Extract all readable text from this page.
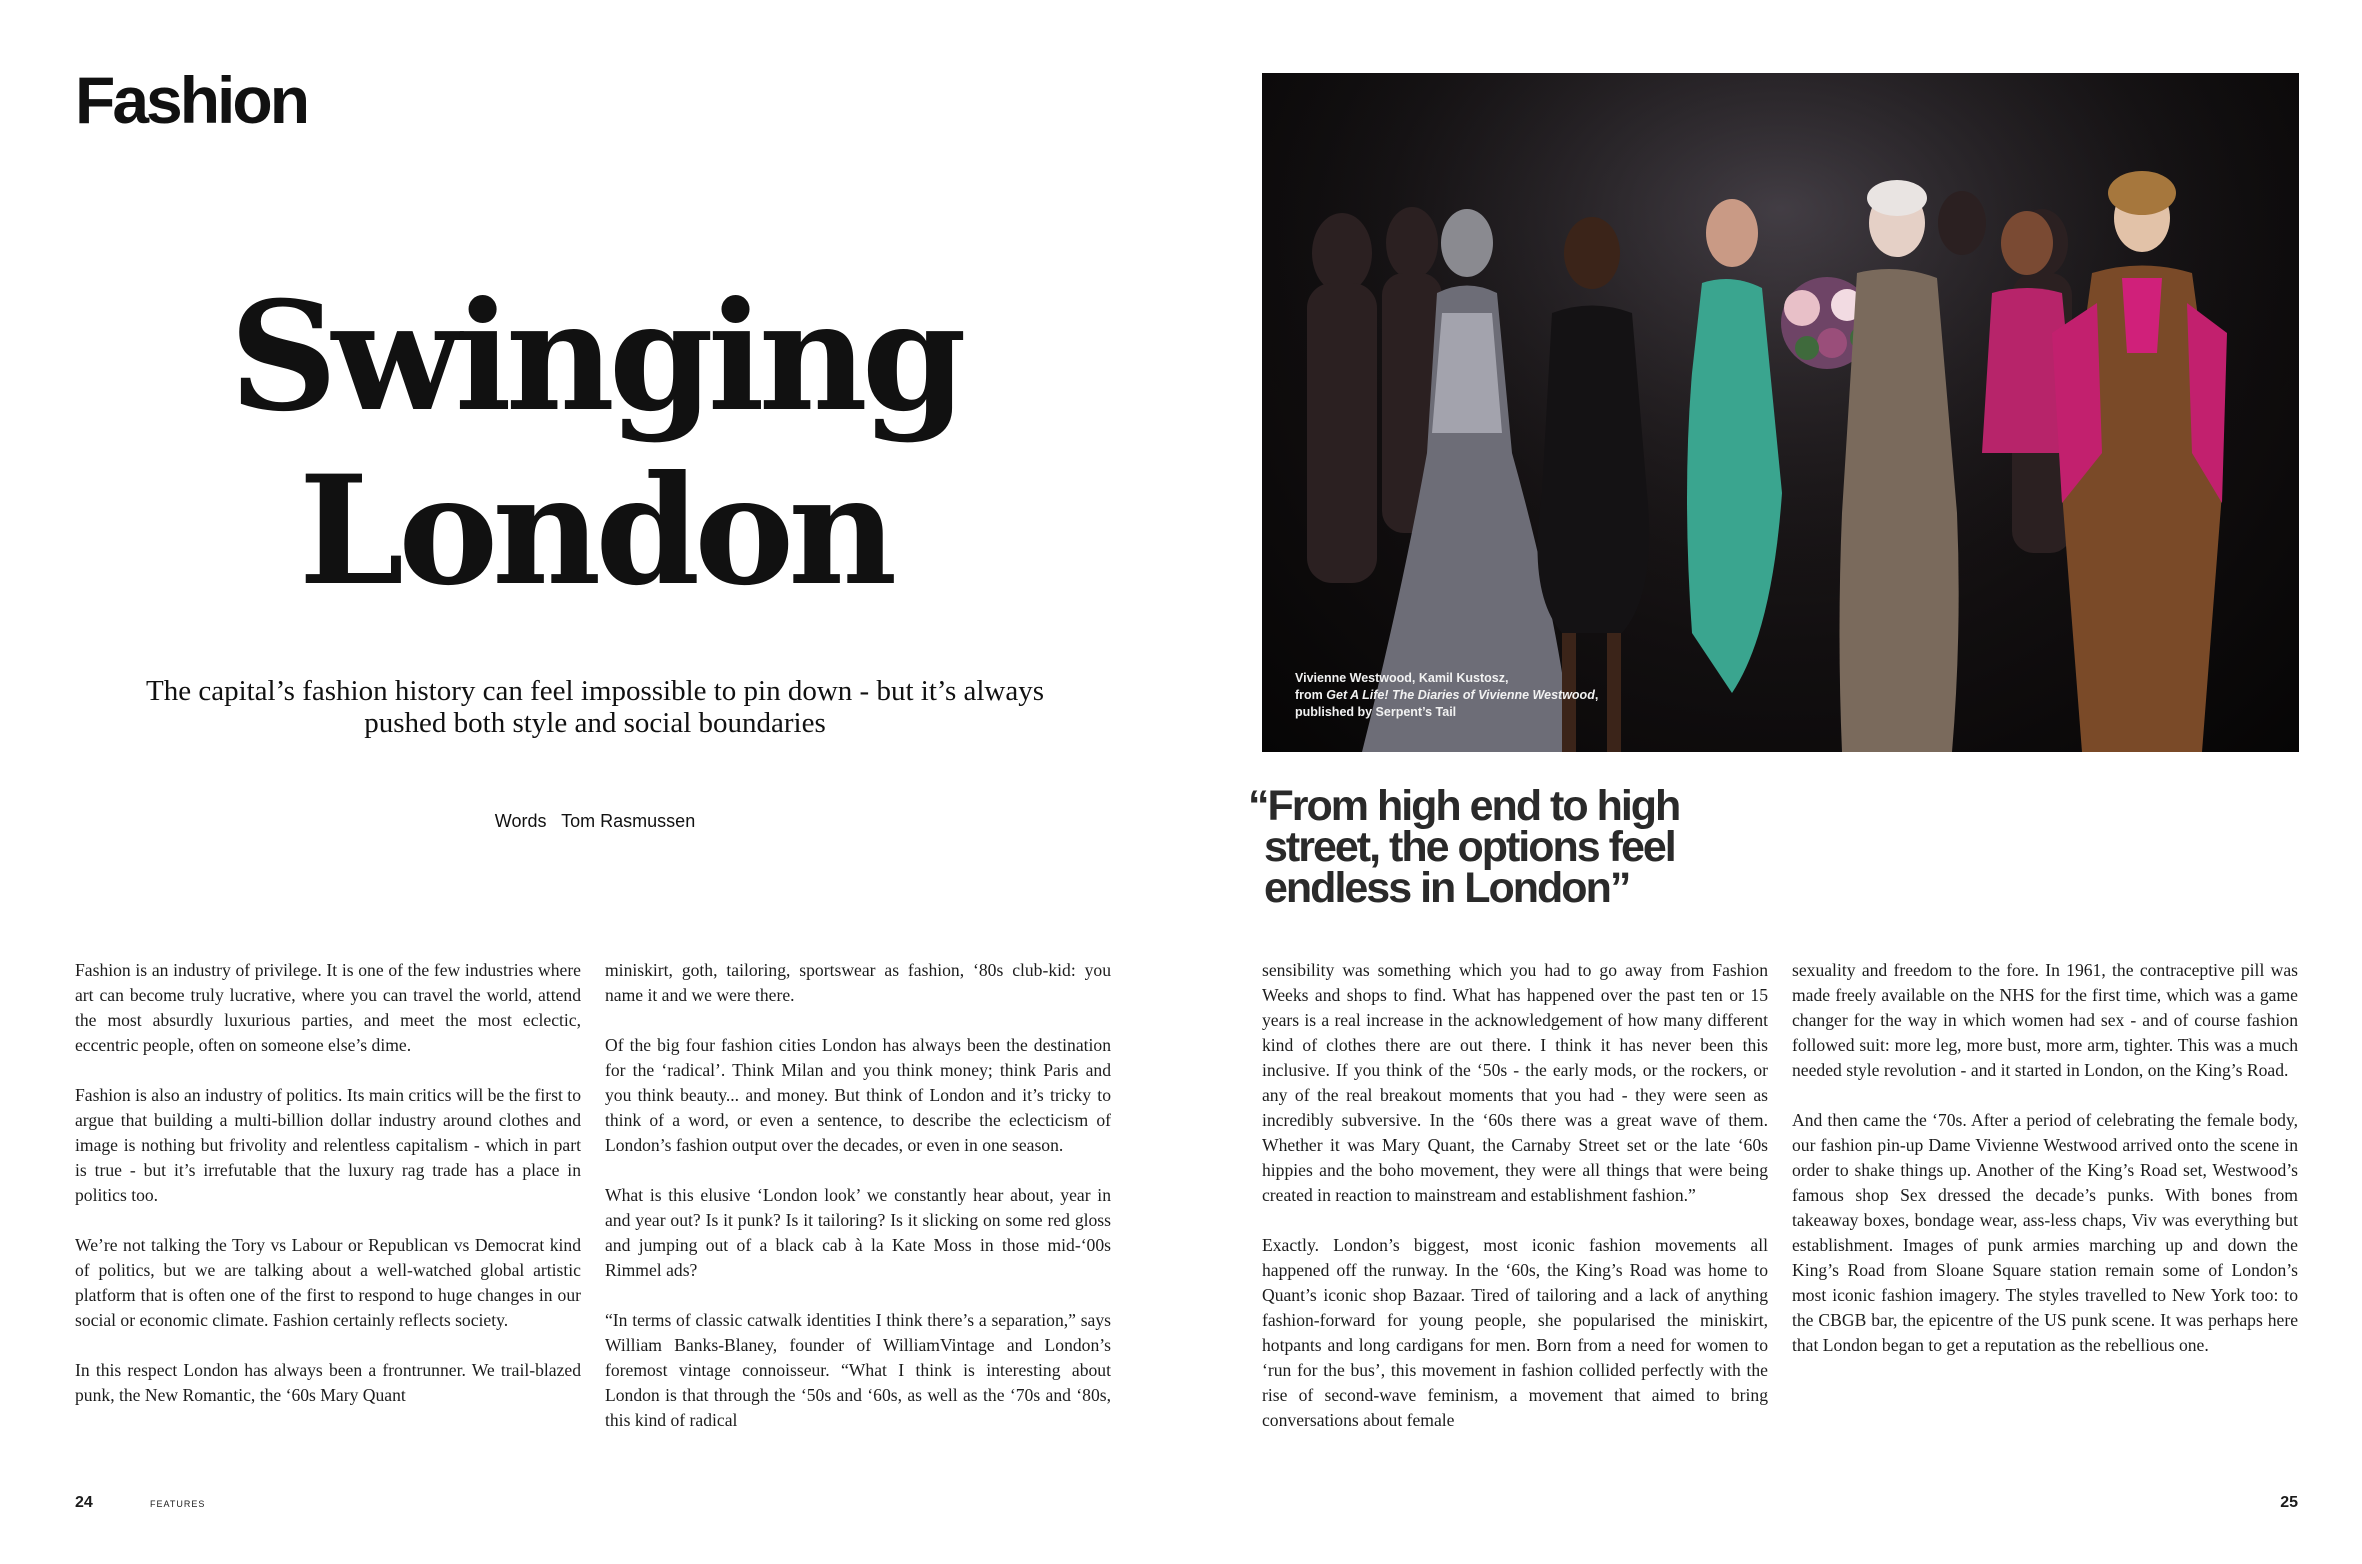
Fashion
Swinging
London

The capital’s fashion history can feel impossible to pin down - but it’s always pushed both style and social boundaries

Words Tom Rasmussen

Fashion is an industry of privilege. It is one of the few industries where art can become truly lucrative, where you can travel the world, attend the most absurdly luxurious parties, and meet the most eclectic, eccentric people, often on someone else’s dime.

Fashion is also an industry of politics. Its main critics will be the first to argue that building a multi-billion dollar industry around clothes and image is nothing but frivolity and relentless capitalism - which in part is true - but it’s irrefutable that the luxury rag trade has a place in politics too.

We’re not talking the Tory vs Labour or Republican vs Democrat kind of politics, but we are talking about a well-watched global artistic platform that is often one of the first to respond to huge changes in our social or economic climate. Fashion certainly reflects society.

In this respect London has always been a frontrunner. We trail-blazed punk, the New Romantic, the ‘60s Mary Quant

miniskirt, goth, tailoring, sportswear as fashion, ‘80s club-kid: you name it and we were there.

Of the big four fashion cities London has always been the destination for the ‘radical’. Think Milan and you think money; think Paris and you think beauty... and money. But think of London and it’s tricky to think of a word, or even a sentence, to describe the eclecticism of London’s fashion output over the decades, or even in one season.

What is this elusive ‘London look’ we constantly hear about, year in and year out? Is it punk? Is it tailoring? Is it slicking on some red gloss and jumping out of a black cab à la Kate Moss in those mid-‘00s Rimmel ads?

“In terms of classic catwalk identities I think there’s a separation,” says William Banks-Blaney, founder of WilliamVintage and London’s foremost vintage connoisseur. “What I think is interesting about London is that through the ‘50s and ‘60s, as well as the ‘70s and ‘80s, this kind of radical

24	FEATURES
Vivienne Westwood, Kamil Kustosz,
from Get A Life! The Diaries of Vivienne Westwood, published by Serpent’s Tail
“From high end to high
street, the options feel
endless in London”

sensibility was something which you had to go away from Fashion Weeks and shops to find. What has happened over the past ten or 15 years is a real increase in the acknowledgement of how many different kind of clothes there are out there. I think it has never been this inclusive. If you think of the ‘50s - the early mods, or the rockers, or any of the real breakout moments that you had - they were seen as incredibly subversive. In the ‘60s there was a great wave of them. Whether it was Mary Quant, the Carnaby Street set or the late ‘60s hippies and the boho movement, they were all things that were being created in reaction to mainstream and establishment fashion.”

Exactly. London’s biggest, most iconic fashion movements all happened off the runway. In the ‘60s, the King’s Road was home to Quant’s iconic shop Bazaar. Tired of tailoring and a lack of anything fashion-forward for young people, she popularised the miniskirt, hotpants and long cardigans for men. Born from a need for women to ‘run for the bus’, this movement in fashion collided perfectly with the rise of second-wave feminism, a movement that aimed to bring conversations about female

sexuality and freedom to the fore. In 1961, the contraceptive pill was made freely available on the NHS for the first time, which was a game changer for the way in which women had sex - and of course fashion followed suit: more leg, more bust, more arm, tighter. This was a much needed style revolution - and it started in London, on the King’s Road.

And then came the ‘70s. After a period of celebrating the female body, our fashion pin-up Dame Vivienne Westwood arrived onto the scene in order to shake things up. Another of the King’s Road set, Westwood’s famous shop Sex dressed the decade’s punks. With bones from takeaway boxes, bondage wear, ass-less chaps, Viv was everything but establishment. Images of punk armies marching up and down the King’s Road from Sloane Square station remain some of London’s most iconic fashion imagery. The styles travelled to New York too: to the CBGB bar, the epicentre of the US punk scene. It was perhaps here that London began to get a reputation as the rebellious one.

25
